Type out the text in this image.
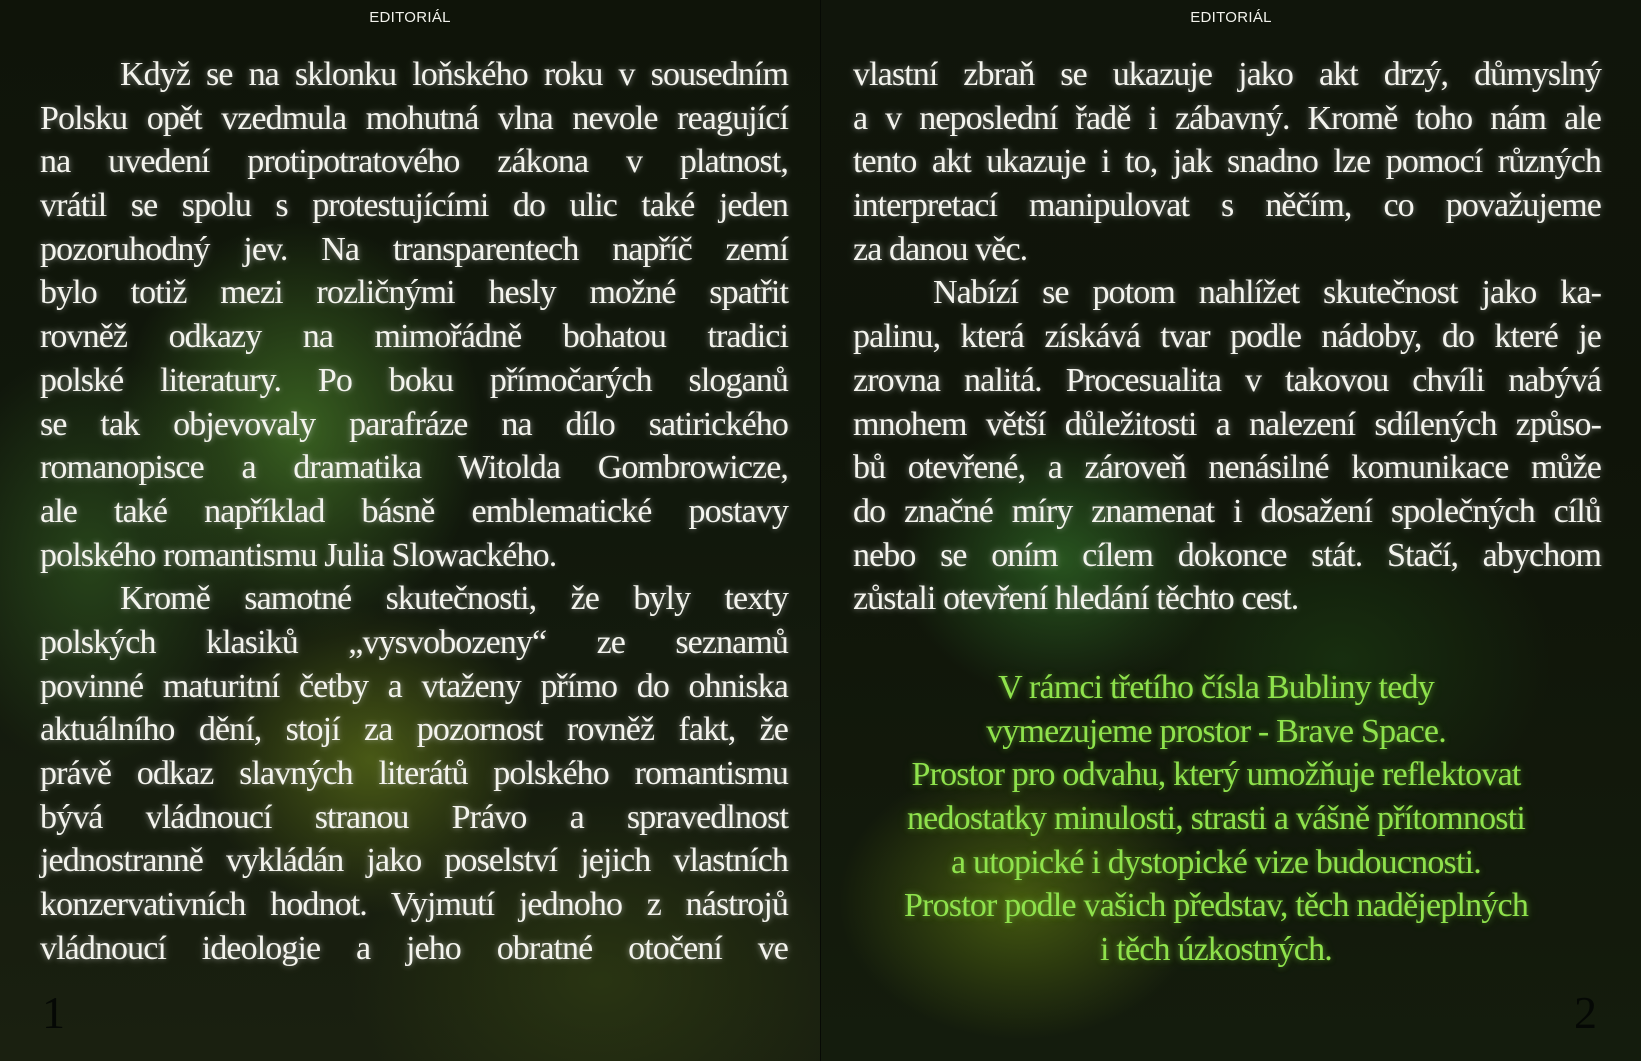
EDITORIÁL
Když se na sklonku loňského roku v sousedním
Polsku opět vzedmula mohutná vlna nevole reagující
na uvedení protipotratového zákona v platnost,
vrátil se spolu s protestujícími do ulic také jeden
pozoruhodný jev. Na transparentech napříč zemí
bylo totiž mezi rozličnými hesly možné spatřit
rovněž odkazy na mimořádně bohatou tradici
polské literatury. Po boku přímočarých sloganů
se tak objevovaly parafráze na dílo satirického
romanopisce a dramatika Witolda Gombrowicze,
ale také například básně emblematické postavy
polského romantismu Julia Slowackého.
Kromě samotné skutečnosti, že byly texty
polských klasiků „vysvobozeny“ ze seznamů
povinné maturitní četby a vtaženy přímo do ohniska
aktuálního dění, stojí za pozornost rovněž fakt, že
právě odkaz slavných literátů polského romantismu
bývá vládnoucí stranou Právo a spravedlnost
jednostranně vykládán jako poselství jejich vlastních
konzervativních hodnot. Vyjmutí jednoho z nástrojů
vládnoucí ideologie a jeho obratné otočení ve
1
EDITORIÁL
vlastní zbraň se ukazuje jako akt drzý, důmyslný
a v neposlední řadě i zábavný. Kromě toho nám ale
tento akt ukazuje i to, jak snadno lze pomocí různých
interpretací manipulovat s něčím, co považujeme
za danou věc.
Nabízí se potom nahlížet skutečnost jako ka-
palinu, která získává tvar podle nádoby, do které je
zrovna nalitá. Procesualita v takovou chvíli nabývá
mnohem větší důležitosti a nalezení sdílených způso-
bů otevřené, a zároveň nenásilné komunikace může
do značné míry znamenat i dosažení společných cílů
nebo se oním cílem dokonce stát. Stačí, abychom
zůstali otevření hledání těchto cest.
V rámci třetího čísla Bubliny tedy
vymezujeme prostor - Brave Space.
Prostor pro odvahu, který umožňuje reflektovat
nedostatky minulosti, strasti a vášně přítomnosti
a utopické i dystopické vize budoucnosti.
Prostor podle vašich představ, těch nadějeplných
i těch úzkostných.
2
